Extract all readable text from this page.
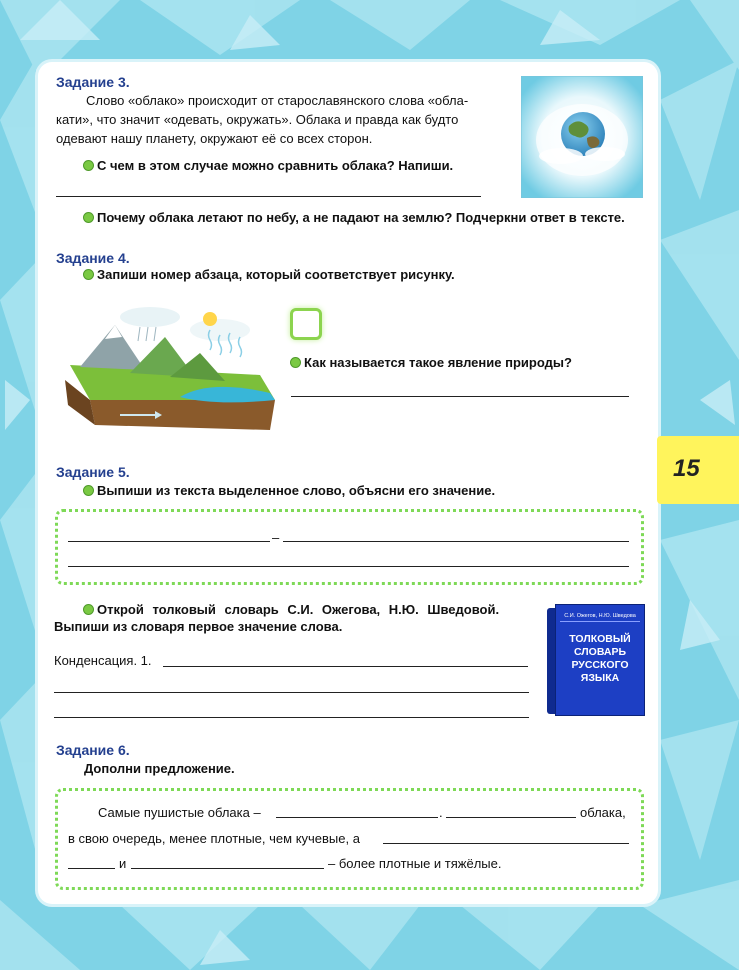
15
Задание 3.
Слово «облако» происходит от старославянского слова «обла-
кати», что значит «одевать, окружать». Облака и правда как будто
одевают нашу планету, окружают её со всех сторон.
С чем в этом случае можно сравнить облака? Напиши.
Почему облака летают по небу, а не падают на землю? Подчеркни ответ в тексте.
Задание 4.
Запиши номер абзаца, который соответствует рисунку.
Как называется такое явление природы?
Задание 5.
Выпиши из текста выделенное слово, объясни его значение.
–
Открой толковый словарь С.И. Ожегова, Н.Ю. Шведовой.
Выпиши из словаря первое значение слова.
Конденсация. 1.
С.И. Ожегов, Н.Ю. Шведова
ТОЛКОВЫЙ
СЛОВАРЬ
РУССКОГО
ЯЗЫКА
Задание 6.
Дополни предложение.
Самые пушистые облака –	.	облака,
в свою очередь, менее плотные, чем кучевые, а
и	– более плотные и тяжёлые.
